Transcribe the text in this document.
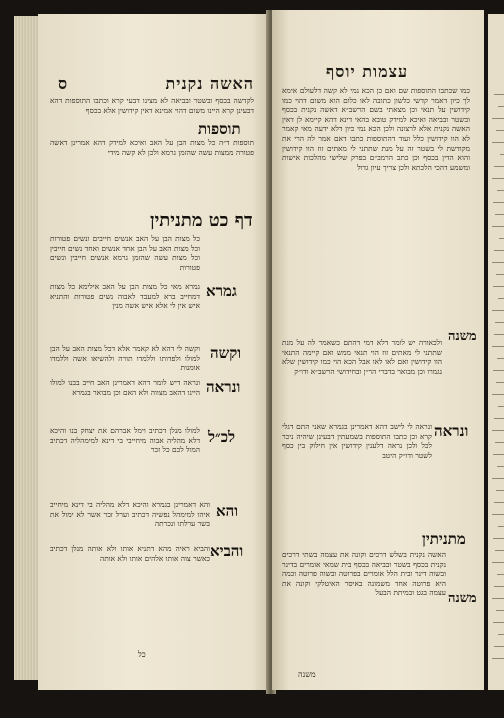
ס	האשה נקנית
לקדשה בכסף ובשטר ובביאה לא מצינו דבעי קרא וכתבו התוספות דהא דבעינן קרא היינו משום דהוי אמינא דאין קידושין אלא בכסף
תוספות
תוספות ד״ה כל מצות הבן על האב ואיכא למידק דהא אמרינן דאשה פטורה ממצות עשה שהזמן גרמא ולכן לא קשה מידי
דף כט מתניתין
כל מצות הבן על האב אנשים חייבים ונשים פטורות וכל מצות האב על הבן אחד אנשים ואחד נשים חייבין וכל מצות עשה שהזמן גרמא אנשים חייבין ונשים פטורות
גמרא
גמרא מאי כל מצות הבן על האב אילימא כל מצות דמחייב ברא למעבד לאבוה נשים פטורות והתניא איש אין לי אלא איש אשה מנין
וקשה
וקשה לי דהא לא קאמר אלא דכל מצות האב על הבן למולו ולפדותו וללמדו תורה ולהשיאו אשה וללמדו אומנות
ונראה
ונראה דיש לומר דהא דאמרינן האב חייב בבנו למולו היינו דהאב מצווה ולא האם וכן מבואר בגמרא
לכ״ל
למולו מנלן דכתיב וימל אברהם את יצחק בנו והיכא דלא מהליה אבוה מיחייבי בי דינא למימהליה דכתיב המול לכם כל זכר
והא
והא דאמרינן בגמרא והיכא דלא מהליה בי דינא מיחייב איהו למימהל נפשיה דכתיב וערל זכר אשר לא ימול את בשר ערלתו ונכרתה
והביא
והביא ראיה מהא דתניא אותו ולא אותה מנלן דכתיב כאשר צוה אותו אלהים אותו ולא אותה
כל
עצמות יוסף
כמו שכתבו התוספות שם ואם כן הכא נמי לא קשה דלעולם אימא לך כיון דאמר קדשי כלשון כתובה לאו כלום הוא משום דהוי כמו קידושין על תנאי וכן מצאתי בשם הרשב״א דאשה נקנית בכסף ובשטר ובביאה ואיכא למידק טובא בהאי דינא דהא קיימא לן דאין האשה נקנית אלא לרצונה ולכן הכא נמי כיון דלא ידעה מאי קאמר לא הוו קידושין כלל ועוד דהתוספות כתבו דאם אמר לה הרי את מקודשת לי בשטר זה על מנת שתתני לי מאתים זוז הוו קידושין והוא הדין בכסף וכן כתב הרמב״ם בפרק שלישי מהלכות אישות ומשמע דהכי הלכתא ולכן צריך עיון גדול
משנה
ולכאורה יש לומר דלא דמי דהתם כשאמר לה על מנת שתתני לי מאתים זוז הוי תנאי ממש ואם קיימה התנאי הוו קידושין ואם לאו לאו אבל הכא הוי כמו קידושין שלא נגמרו וכן מבואר בדברי הר״ן ובחידושי הרשב״א ודו״ק
ונראה
ונראה לי לישב דהא דאמרינן בגמרא שאני התם דגלי קרא וכן כתבו התוספות בשמעתין דבעינן שיהיה ניכר לכל ולכן נראה דלענין קידושין אין חילוק בין כסף לשטר ודו״ק היטב
מתניתין
משנה
האשה נקנית בשלש דרכים וקונה את עצמה בשתי דרכים נקנית בכסף בשטר ובביאה בכסף בית שמאי אומרים בדינר ובשוה דינר ובית הלל אומרים בפרוטה ובשוה פרוטה וכמה היא פרוטה אחד משמונה באיסר האיטלקי וקונה את עצמה בגט ובמיתת הבעל
משנה
